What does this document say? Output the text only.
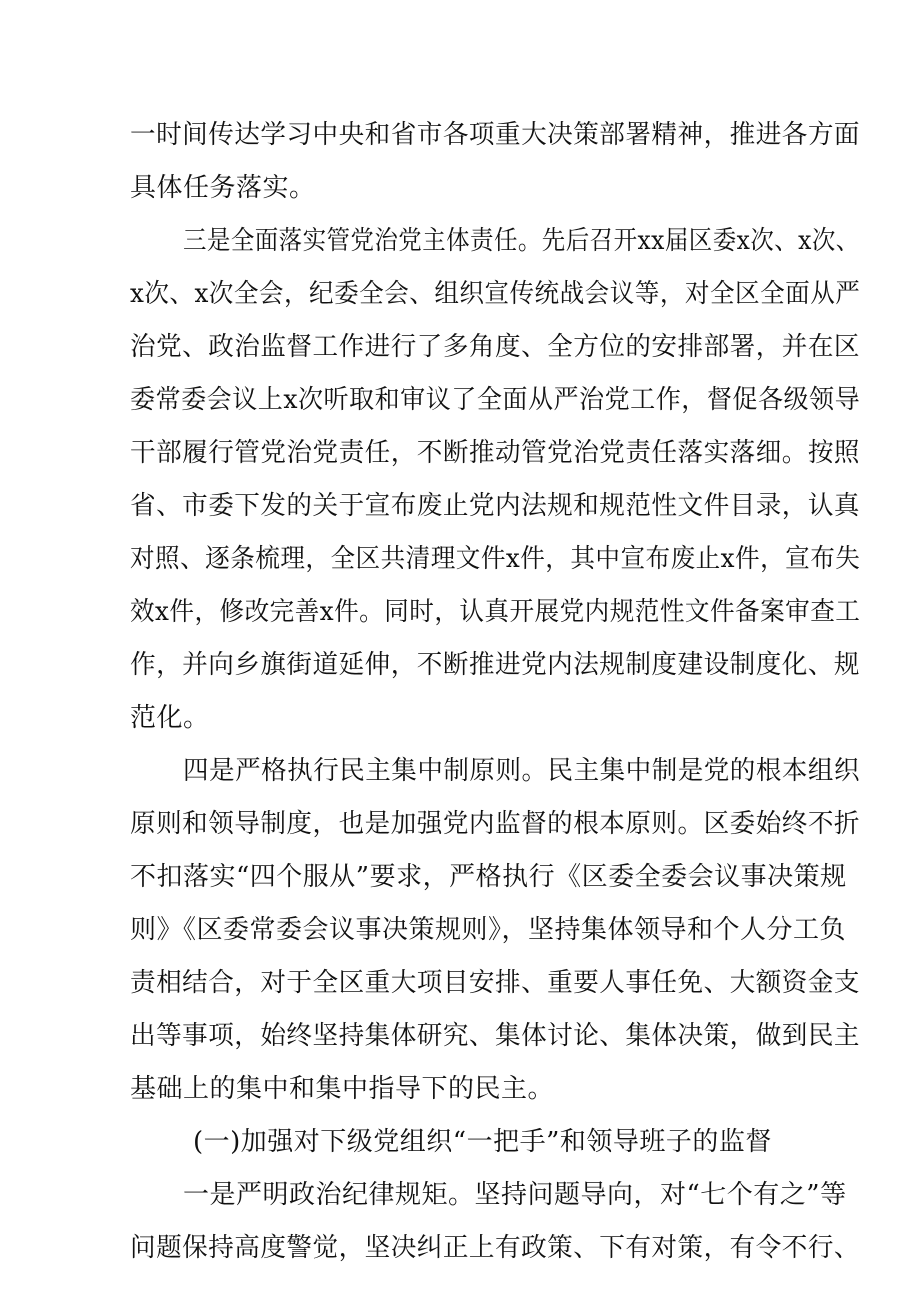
一时间传达学习中央和省市各项重大决策部署精神，推进各方面
具体任务落实。
三是全面落实管党治党主体责任。先后召开xx届区委x次、x次、
x次、x次全会，纪委全会、组织宣传统战会议等，对全区全面从严
治党、政治监督工作进行了多角度、全方位的安排部署，并在区
委常委会议上x次听取和审议了全面从严治党工作，督促各级领导
干部履行管党治党责任，不断推动管党治党责任落实落细。按照
省、市委下发的关于宣布废止党内法规和规范性文件目录，认真
对照、逐条梳理，全区共清理文件x件，其中宣布废止x件，宣布失
效x件，修改完善x件。同时，认真开展党内规范性文件备案审查工
作，并向乡旗街道延伸，不断推进党内法规制度建设制度化、规
范化。
四是严格执行民主集中制原则。民主集中制是党的根本组织
原则和领导制度，也是加强党内监督的根本原则。区委始终不折
不扣落实“四个服从”要求，严格执行《区委全委会议事决策规
则》《区委常委会议事决策规则》，坚持集体领导和个人分工负
责相结合，对于全区重大项目安排、重要人事任免、大额资金支
出等事项，始终坚持集体研究、集体讨论、集体决策，做到民主
基础上的集中和集中指导下的民主。
(一)加强对下级党组织“一把手”和领导班子的监督
一是严明政治纪律规矩。坚持问题导向，对“七个有之”等
问题保持高度警觉，坚决纠正上有政策、下有对策，有令不行、
